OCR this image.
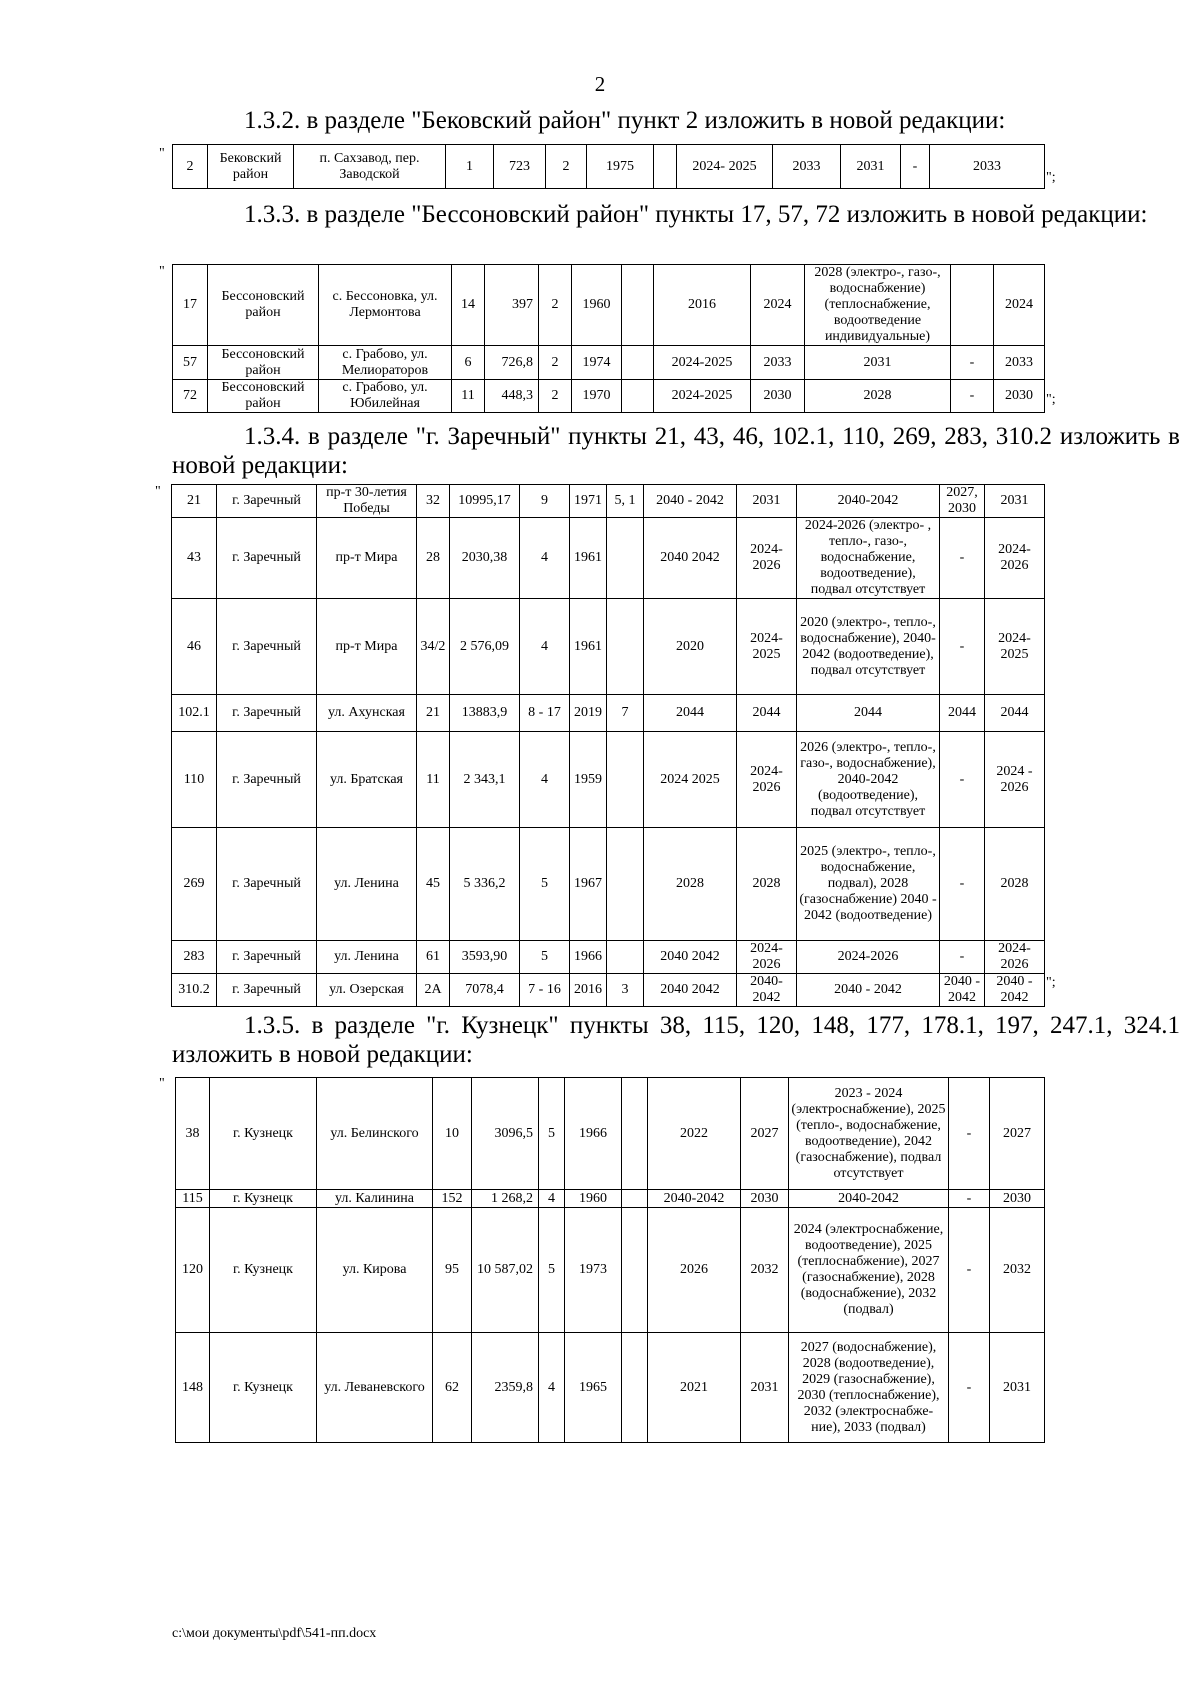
2

1.3.2. в разделе "Бековский район" пункт 2 изложить в новой редакции:

"
2	Бековский район	п. Сахзавод, пер. Заводской	1	723	2	1975		2024- 2025	2033	2031	-	2033
";

1.3.3. в разделе "Бессоновский район" пункты 17, 57, 72 изложить в новой редакции:

"
17	Бессоновский район	с. Бессоновка, ул. Лермонтова	14	397	2	1960		2016	2024	2028 (электро-, газо-, водоснабжение) (теплоснабжение, водоотведение индивидуальные)		2024
57	Бессоновский район	с. Грабово, ул. Мелиораторов	6	726,8	2	1974		2024-2025	2033	2031	-	2033
72	Бессоновский район	с. Грабово, ул. Юбилейная	11	448,3	2	1970		2024-2025	2030	2028	-	2030 ";

1.3.4. в разделе "г. Заречный" пункты 21, 43, 46, 102.1, 110, 269, 283, 310.2 изложить в новой редакции:

"
21	г. Заречный	пр-т 30-летия Победы	32	10995,17	9	1971	5, 1	2040 - 2042	2031	2040-2042	2027, 2030	2031
43	г. Заречный	пр-т Мира	28	2030,38	4	1961		2040 2042	2024- 2026	2024-2026 (электро- , тепло-, газо-, водоснабжение, водоотведение), подвал отсутствует	-	2024- 2026
46	г. Заречный	пр-т Мира	34/2	2 576,09	4	1961		2020	2024- 2025	2020 (электро-, тепло-, водоснабжение), 2040-2042 (водоотведение), подвал отсутствует	-	2024- 2025
102.1	г. Заречный	ул. Ахунская	21	13883,9	8 - 17	2019	7	2044	2044	2044	2044	2044
110	г. Заречный	ул. Братская	11	2 343,1	4	1959		2024 2025	2024- 2026	2026 (электро-, тепло-, газо-, водоснабжение), 2040-2042 (водоотведение), подвал отсутствует	-	2024 - 2026
269	г. Заречный	ул. Ленина	45	5 336,2	5	1967		2028	2028	2025 (электро-, тепло-, водоснабжение, подвал), 2028 (газоснабжение) 2040 - 2042 (водоотведение)	-	2028
283	г. Заречный	ул. Ленина	61	3593,90	5	1966		2040 2042	2024- 2026	2024-2026	-	2024- 2026
310.2	г. Заречный	ул. Озерская	2А	7078,4	7 - 16	2016	3	2040 2042	2040- 2042	2040 - 2042	2040 - 2042	2040 - 2042
";

1.3.5. в разделе "г. Кузнецк" пункты 38, 115, 120, 148, 177, 178.1, 197, 247.1, 324.1 изложить в новой редакции:

"
38	г. Кузнецк	ул. Белинского	10	3096,5	5	1966		2022	2027	2023 - 2024 (электроснабжение), 2025 (тепло-, водоснабжение, водоотведение), 2042 (газоснабжение), подвал отсутствует	-	2027
115	г. Кузнецк	ул. Калинина	152	1 268,2	4	1960		2040-2042	2030	2040-2042	-	2030
120	г. Кузнецк	ул. Кирова	95	10 587,02	5	1973		2026	2032	2024 (электроснабжение, водоотведение), 2025 (теплоснабжение), 2027 (газоснабжение), 2028 (водоснабжение), 2032 (подвал)	-	2032
148	г. Кузнецк	ул. Леваневского	62	2359,8	4	1965		2021	2031	2027 (водоснабжение), 2028 (водоотведение), 2029 (газоснабжение), 2030 (теплоснабжение), 2032 (электроснабже- ние), 2033 (подвал)	-	2031
c:\мои документы\pdf\541-пп.docx
